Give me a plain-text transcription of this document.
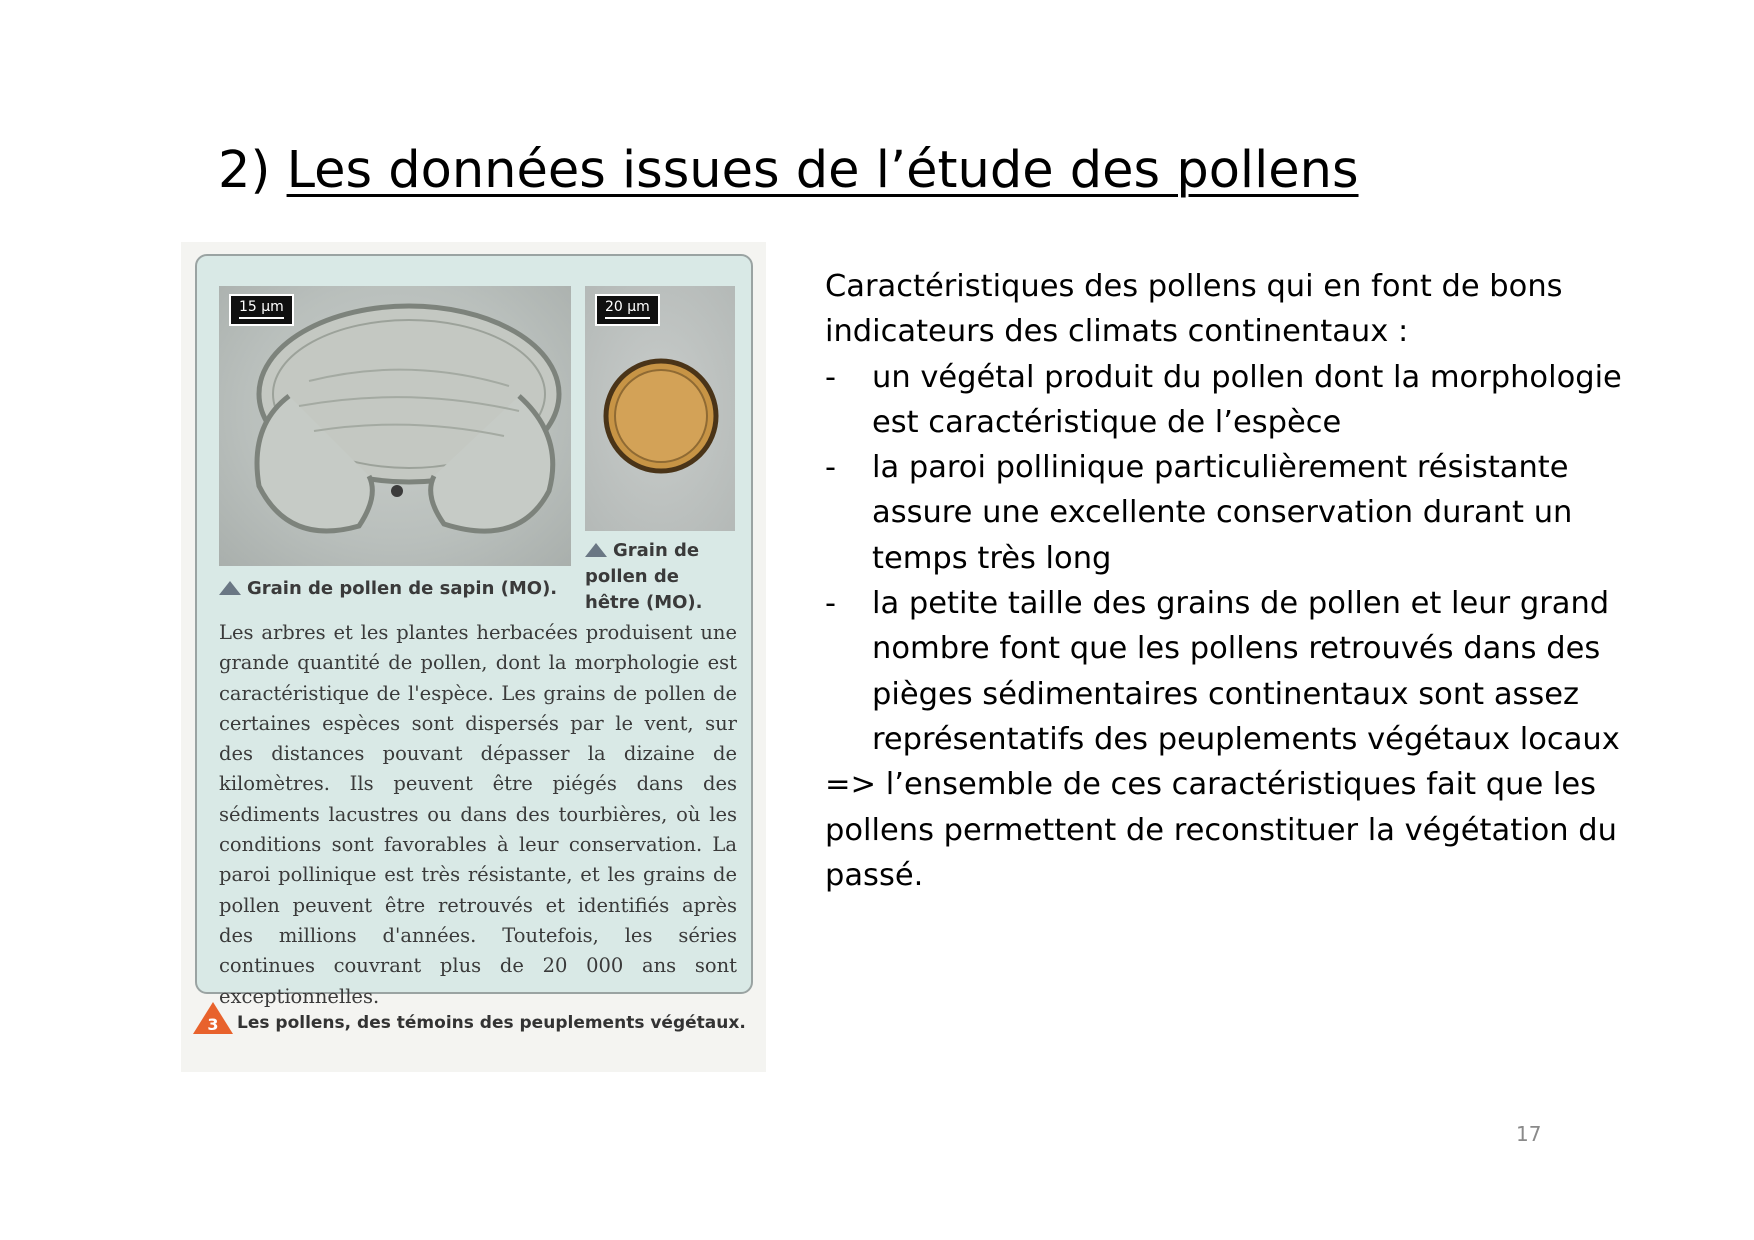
2) Les données issues de l’étude des pollens
15 µm	20 µm
Grain de pollen de sapin (MO).
Grain de pollen de hêtre (MO).
Les arbres et les plantes herbacées produisent une grande quantité de pollen, dont la morphologie est caractéristique de l'espèce. Les grains de pollen de certaines espèces sont dispersés par le vent, sur des distances pouvant dépasser la dizaine de kilomètres. Ils peuvent être piégés dans des sédiments lacustres ou dans des tourbières, où les conditions sont favorables à leur conservation. La paroi pollinique est très résistante, et les grains de pollen peuvent être retrouvés et identifiés après des millions d'années. Toutefois, les séries continues couvrant plus de 20 000 ans sont exceptionnelles.
3	Les pollens, des témoins des peuplements végétaux.

Caractéristiques des pollens qui en font de bons indicateurs des climats continentaux :

- un végétal produit du pollen dont la morphologie est caractéristique de l’espèce
- la paroi pollinique particulièrement résistante assure une excellente conservation durant un temps très long
- la petite taille des grains de pollen et leur grand nombre font que les pollens retrouvés dans des pièges sédimentaires continentaux sont assez représentatifs des peuplements végétaux locaux

=> l’ensemble de ces caractéristiques fait que les pollens permettent de reconstituer la végétation du passé.

17
